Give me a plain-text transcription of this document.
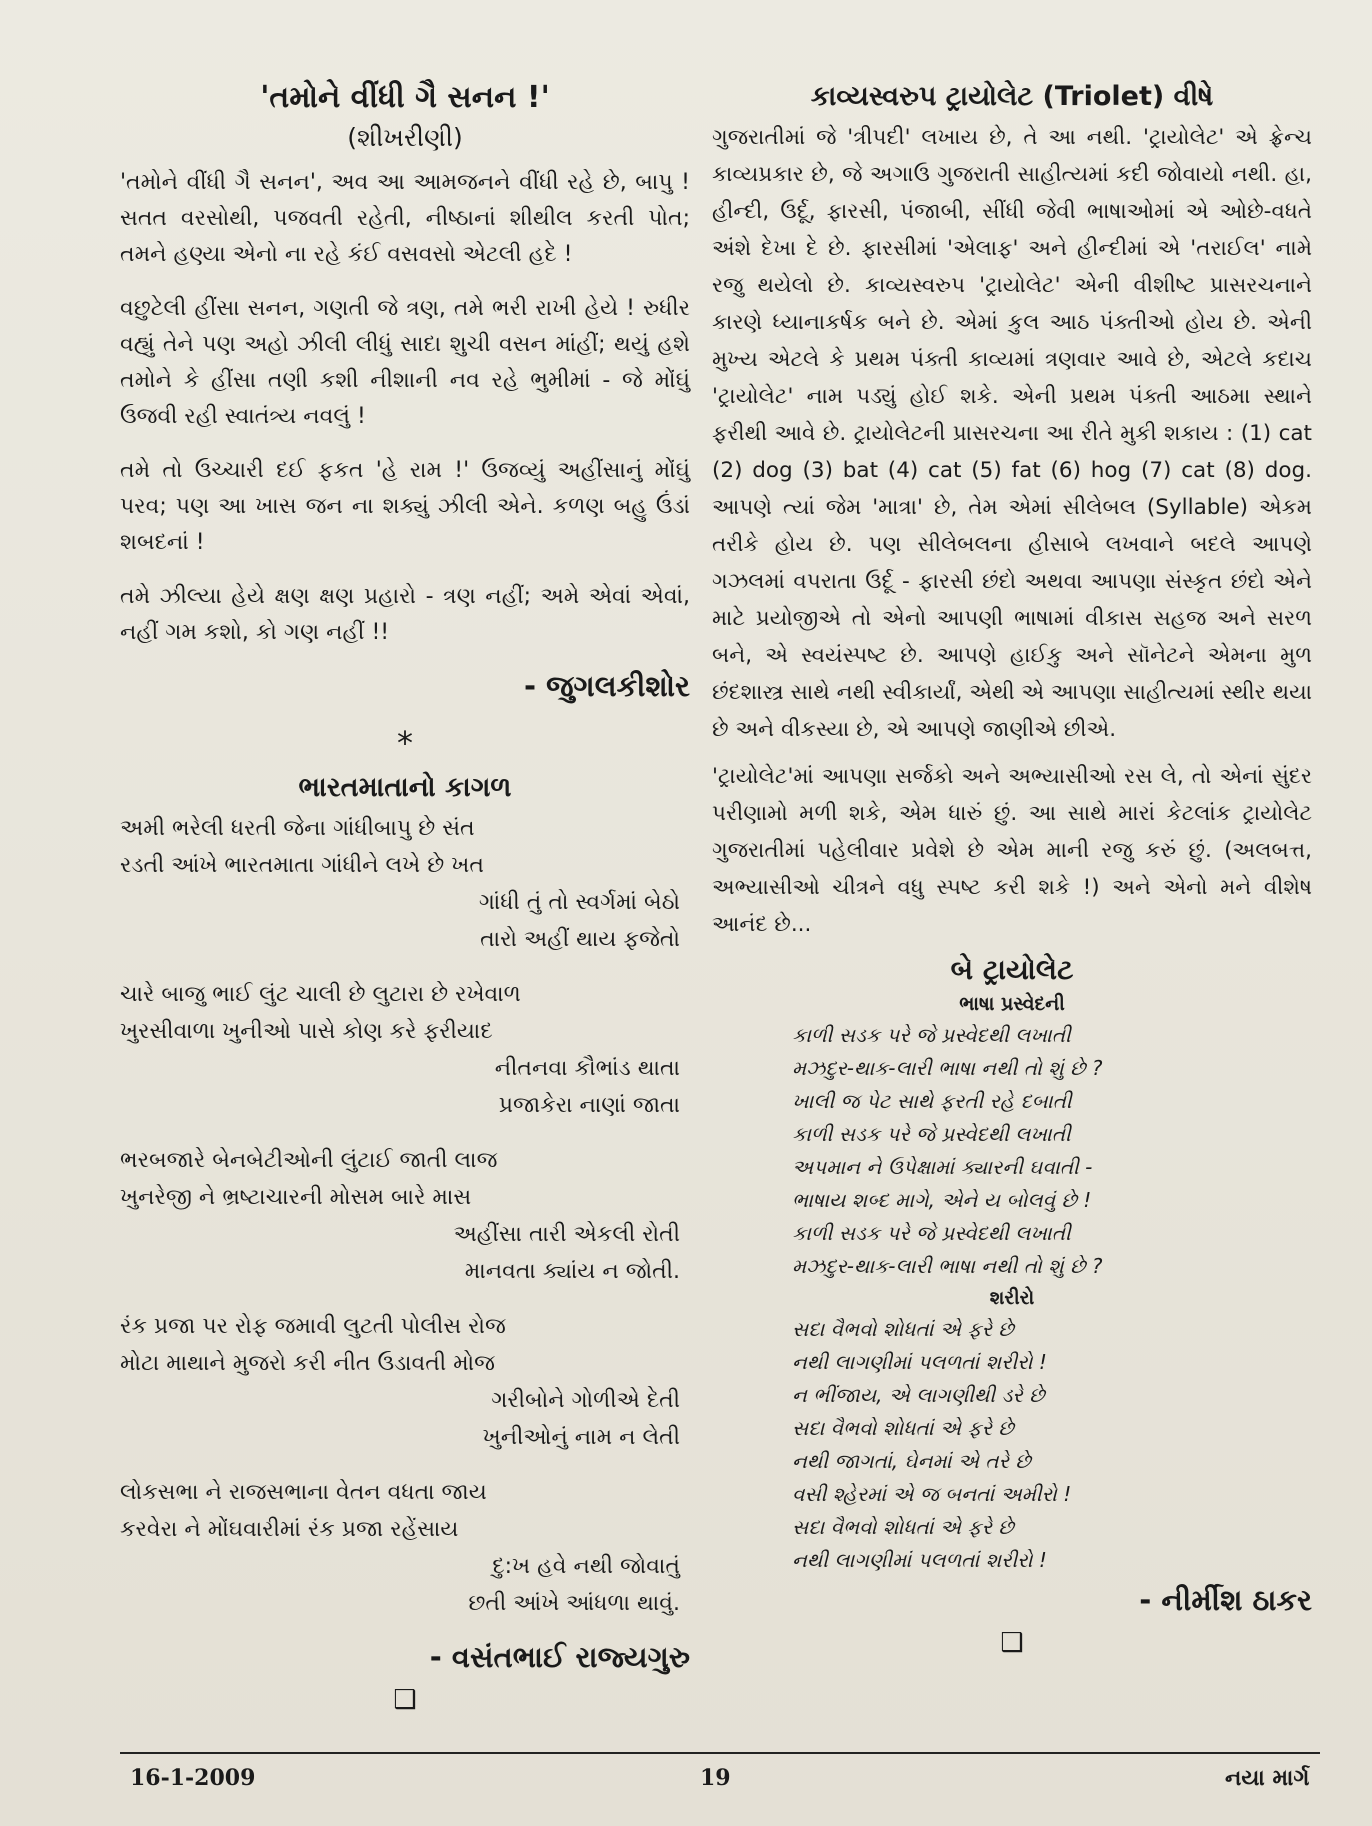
'તમોને વીંધી ગૈ સનન !'
(શીખરીણી)

'તમોને વીંધી ગૈ સનન', અવ આ આમજનને વીંધી રહે છે, બાપુ ! સતત વરસોથી, પજવતી રહેતી, નીષ્ઠાનાં શીથીલ કરતી પોત; તમને હણ્યા એનો ના રહે કંઈ વસવસો એટલી હદે !

વછુટેલી હીંસા સનન, ગણતી જે ત્રણ, તમે ભરી રાખી હેયે ! રુધીર વહ્યું તેને પણ અહો ઝીલી લીધું સાદા શુચી વસન માંહીં; થયું હશે તમોને કે હીંસા તણી કશી નીશાની નવ રહે ભુમીમાં - જે મોંઘું ઉજવી રહી સ્વાતંત્ર્ય નવલું !

તમે તો ઉચ્ચારી દઈ ફકત 'હે રામ !' ઉજવ્યું અહીંસાનું મોંઘું પરવ; પણ આ ખાસ જન ના શક્યું ઝીલી એને. કળણ બહુ ઉંડાં શબદનાં !

તમે ઝીલ્યા હેયે ક્ષણ ક્ષણ પ્રહારો - ત્રણ નહીં; અમે એવાં એવાં, નહીં ગમ કશો, કો ગણ નહીં !!

- જુગલકીશોર
*
ભારતમાતાનો કાગળ
અમી ભરેલી ધરતી જેના ગાંધીબાપુ છે સંત
રડતી આંખે ભારતમાતા ગાંધીને લખે છે ખત
ગાંધી તું તો સ્વર્ગમાં બેઠો
તારો અહીં થાય ફજેતો
ચારે બાજુ ભાઈ લુંટ ચાલી છે લુટારા છે રખેવાળ
ખુરસીવાળા ખુનીઓ પાસે કોણ કરે ફરીયાદ
નીતનવા કૌભાંડ થાતા
પ્રજાકેરા નાણાં જાતા
ભરબજારે બેનબેટીઓની લુંટાઈ જાતી લાજ
ખુનરેજી ને ભ્રષ્ટાચારની મોસમ બારે માસ
અહીંસા તારી એકલી રોતી
માનવતા ક્યાંય ન જોતી.
રંક પ્રજા પર રોફ જમાવી લુટતી પોલીસ રોજ
મોટા માથાને મુજરો કરી નીત ઉડાવતી મોજ
ગરીબોને ગોળીએ દેતી
ખુનીઓનું નામ ન લેતી
લોકસભા ને રાજસભાના વેતન વધતા જાય
કરવેરા ને મોંઘવારીમાં રંક પ્રજા રહેંસાય
દુ:ખ હવે નથી જોવાતું
છતી આંખે આંધળા થાવું.
- વસંતભાઈ રાજ્યગુરુ
❑
કાવ્યસ્વરુપ ટ્રાયોલેટ (Triolet) વીષે

ગુજરાતીમાં જે 'ત્રીપદી' લખાય છે, તે આ નથી. 'ટ્રાયોલેટ' એ ફ્રેન્ચ કાવ્યપ્રકાર છે, જે અગાઉ ગુજરાતી સાહીત્યમાં કદી જોવાયો નથી. હા, હીન્દી, ઉર્દૂ, ફારસી, પંજાબી, સીંધી જેવી ભાષાઓમાં એ ઓછે-વધતે અંશે દેખા દે છે. ફારસીમાં 'એલાફ' અને હીન્દીમાં એ 'તરાઈલ' નામે રજુ થયેલો છે. કાવ્યસ્વરુપ 'ટ્રાયોલેટ' એની વીશીષ્ટ પ્રાસરચનાને કારણે ધ્યાનાકર્ષક બને છે. એમાં કુલ આઠ પંક્તીઓ હોય છે. એની મુખ્ય એટલે કે પ્રથમ પંક્તી કાવ્યમાં ત્રણવાર આવે છે, એટલે કદાચ 'ટ્રાયોલેટ' નામ પડ્યું હોઈ શકે. એની પ્રથમ પંક્તી આઠમા સ્થાને ફરીથી આવે છે. ટ્રાયોલેટની પ્રાસરચના આ રીતે મુકી શકાય : (1) cat (2) dog (3) bat (4) cat (5) fat (6) hog (7) cat (8) dog. આપણે ત્યાં જેમ 'માત્રા' છે, તેમ એમાં સીલેબલ (Syllable) એકમ તરીકે હોય છે. પણ સીલેબલના હીસાબે લખવાને બદલે આપણે ગઝલમાં વપરાતા ઉર્દૂ - ફારસી છંદો અથવા આપણા સંસ્કૃત છંદો એને માટે પ્રયોજીએ તો એનો આપણી ભાષામાં વીકાસ સહજ અને સરળ બને, એ સ્વયંસ્પષ્ટ છે. આપણે હાઈકુ અને સૉનેટને એમના મુળ છંદશાસ્ત્ર સાથે નથી સ્વીકાર્યાં, એથી એ આપણા સાહીત્યમાં સ્થીર થયા છે અને વીકસ્યા છે, એ આપણે જાણીએ છીએ.

'ટ્રાયોલેટ'માં આપણા સર્જકો અને અભ્યાસીઓ રસ લે, તો એનાં સુંદર પરીણામો મળી શકે, એમ ધારું છું. આ સાથે મારાં કેટલાંક ટ્રાયોલેટ ગુજરાતીમાં પહેલીવાર પ્રવેશે છે એમ માની રજુ કરું છું. (અલબત્ત, અભ્યાસીઓ ચીત્રને વધુ સ્પષ્ટ કરી શકે !) અને એનો મને વીશેષ આનંદ છે...

બે ટ્રાયોલેટ
ભાષા પ્રસ્વેદની
કાળી સડક પરે જે પ્રસ્વેદથી લખાતી
મઝદુર-થાક-લારી ભાષા નથી તો શું છે ?
ખાલી જ પેટ સાથે ફરતી રહે દબાતી
કાળી સડક પરે જે પ્રસ્વેદથી લખાતી
અપમાન ને ઉપેક્ષામાં ક્યારની ઘવાતી -
ભાષાય શબ્દ માગે, એને ય બોલવું છે !
કાળી સડક પરે જે પ્રસ્વેદથી લખાતી
મઝદુર-થાક-લારી ભાષા નથી તો શું છે ?
શરીરો
સદા વૈભવો શોધતાં એ ફરે છે
નથી લાગણીમાં પલળતાં શરીરો !
ન ભીંજાય, એ લાગણીથી ડરે છે
સદા વૈભવો શોધતાં એ ફરે છે
નથી જાગતાં, ઘેનમાં એ તરે છે
વસી શ્હેરમાં એ જ બનતાં અમીરો !
સદા વૈભવો શોધતાં એ ફરે છે
નથી લાગણીમાં પલળતાં શરીરો !
- નીર્મીશ ઠાકર
❑
16-1-2009	19	નયા માર્ગ
